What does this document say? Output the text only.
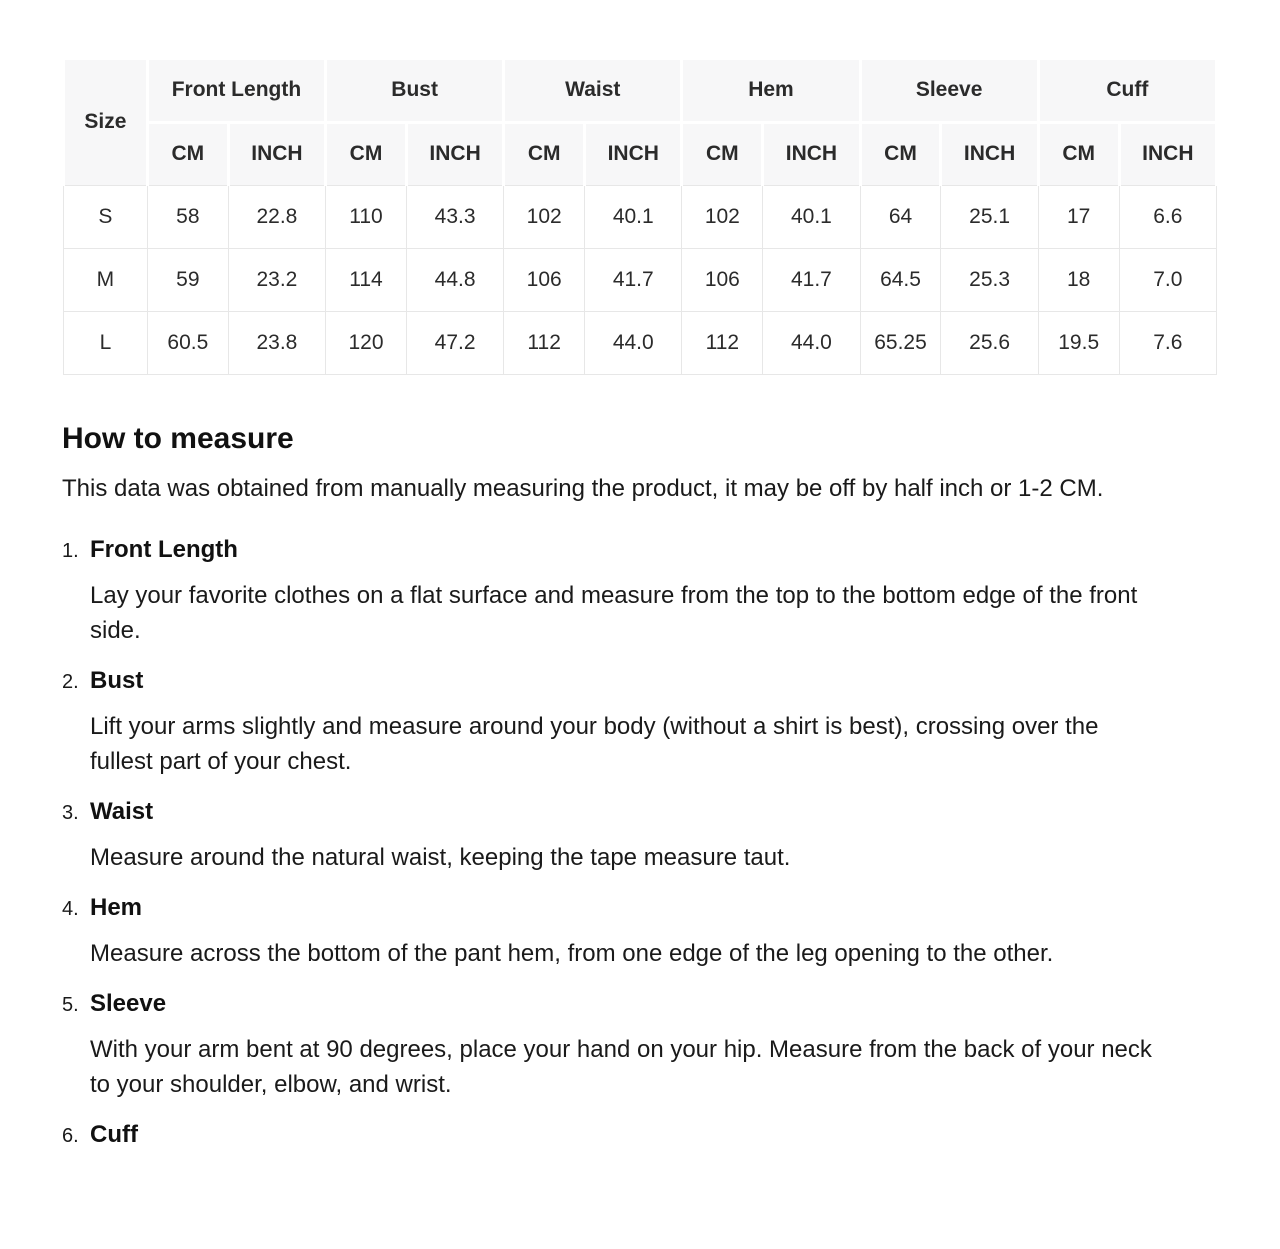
Size	Front Length		Bust		Waist		Hem		Sleeve		Cuff	
	CM	INCH	CM	INCH	CM	INCH	CM	INCH	CM	INCH	CM	INCH
S	58	22.8	110	43.3	102	40.1	102	40.1	64	25.1	17	6.6
M	59	23.2	114	44.8	106	41.7	106	41.7	64.5	25.3	18	7.0
L	60.5	23.8	120	47.2	112	44.0	112	44.0	65.25	25.6	19.5	7.6
How to measure

This data was obtained from manually measuring the product, it may be off by half inch or 1-2 CM.

1. Front Length

Lay your favorite clothes on a flat surface and measure from the top to the bottom edge of the front side.

2. Bust

Lift your arms slightly and measure around your body (without a shirt is best), crossing over the fullest part of your chest.

3. Waist

Measure around the natural waist, keeping the tape measure taut.

4. Hem

Measure across the bottom of the pant hem, from one edge of the leg opening to the other.

5. Sleeve

With your arm bent at 90 degrees, place your hand on your hip. Measure from the back of your neck to your shoulder, elbow, and wrist.

6. Cuff
